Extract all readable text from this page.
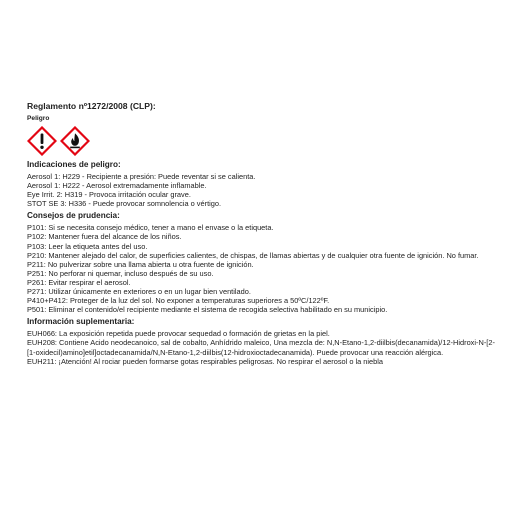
Reglamento nº1272/2008 (CLP):
Peligro
Indicaciones de peligro:
Aerosol 1: H229 - Recipiente a presión: Puede reventar si se calienta.
Aerosol 1: H222 - Aerosol extremadamente inflamable.
Eye Irrit. 2: H319 - Provoca irritación ocular grave.
STOT SE 3: H336 - Puede provocar somnolencia o vértigo.
Consejos de prudencia:
P101: Si se necesita consejo médico, tener a mano el envase o la etiqueta.
P102: Mantener fuera del alcance de los niños.
P103: Leer la etiqueta antes del uso.
P210: Mantener alejado del calor, de superficies calientes, de chispas, de llamas abiertas y de cualquier otra fuente de ignición. No fumar.
P211: No pulverizar sobre una llama abierta u otra fuente de ignición.
P251: No perforar ni quemar, incluso después de su uso.
P261: Evitar respirar el aerosol.
P271: Utilizar únicamente en exteriores o en un lugar bien ventilado.
P410+P412: Proteger de la luz del sol. No exponer a temperaturas superiores a 50ºC/122ºF.
P501: Eliminar el contenido/el recipiente mediante el sistema de recogida selectiva habilitado en su municipio.
Información suplementaria:
EUH066: La exposición repetida puede provocar sequedad o formación de grietas en la piel.
EUH208: Contiene Acido neodecanoico, sal de cobalto, Anhídrido maleico, Una mezcla de: N,N-Etano-1,2-diilbis(decanamida)/12-Hidroxi-N-[2-[1-oxidecil)amino]etil]octadecanamida/N,N-Etano-1,2-diilbis(12-hidroxioctadecanamida). Puede provocar una reacción alérgica.
EUH211: ¡Atención! Al rociar pueden formarse gotas respirables peligrosas. No respirar el aerosol o la niebla
